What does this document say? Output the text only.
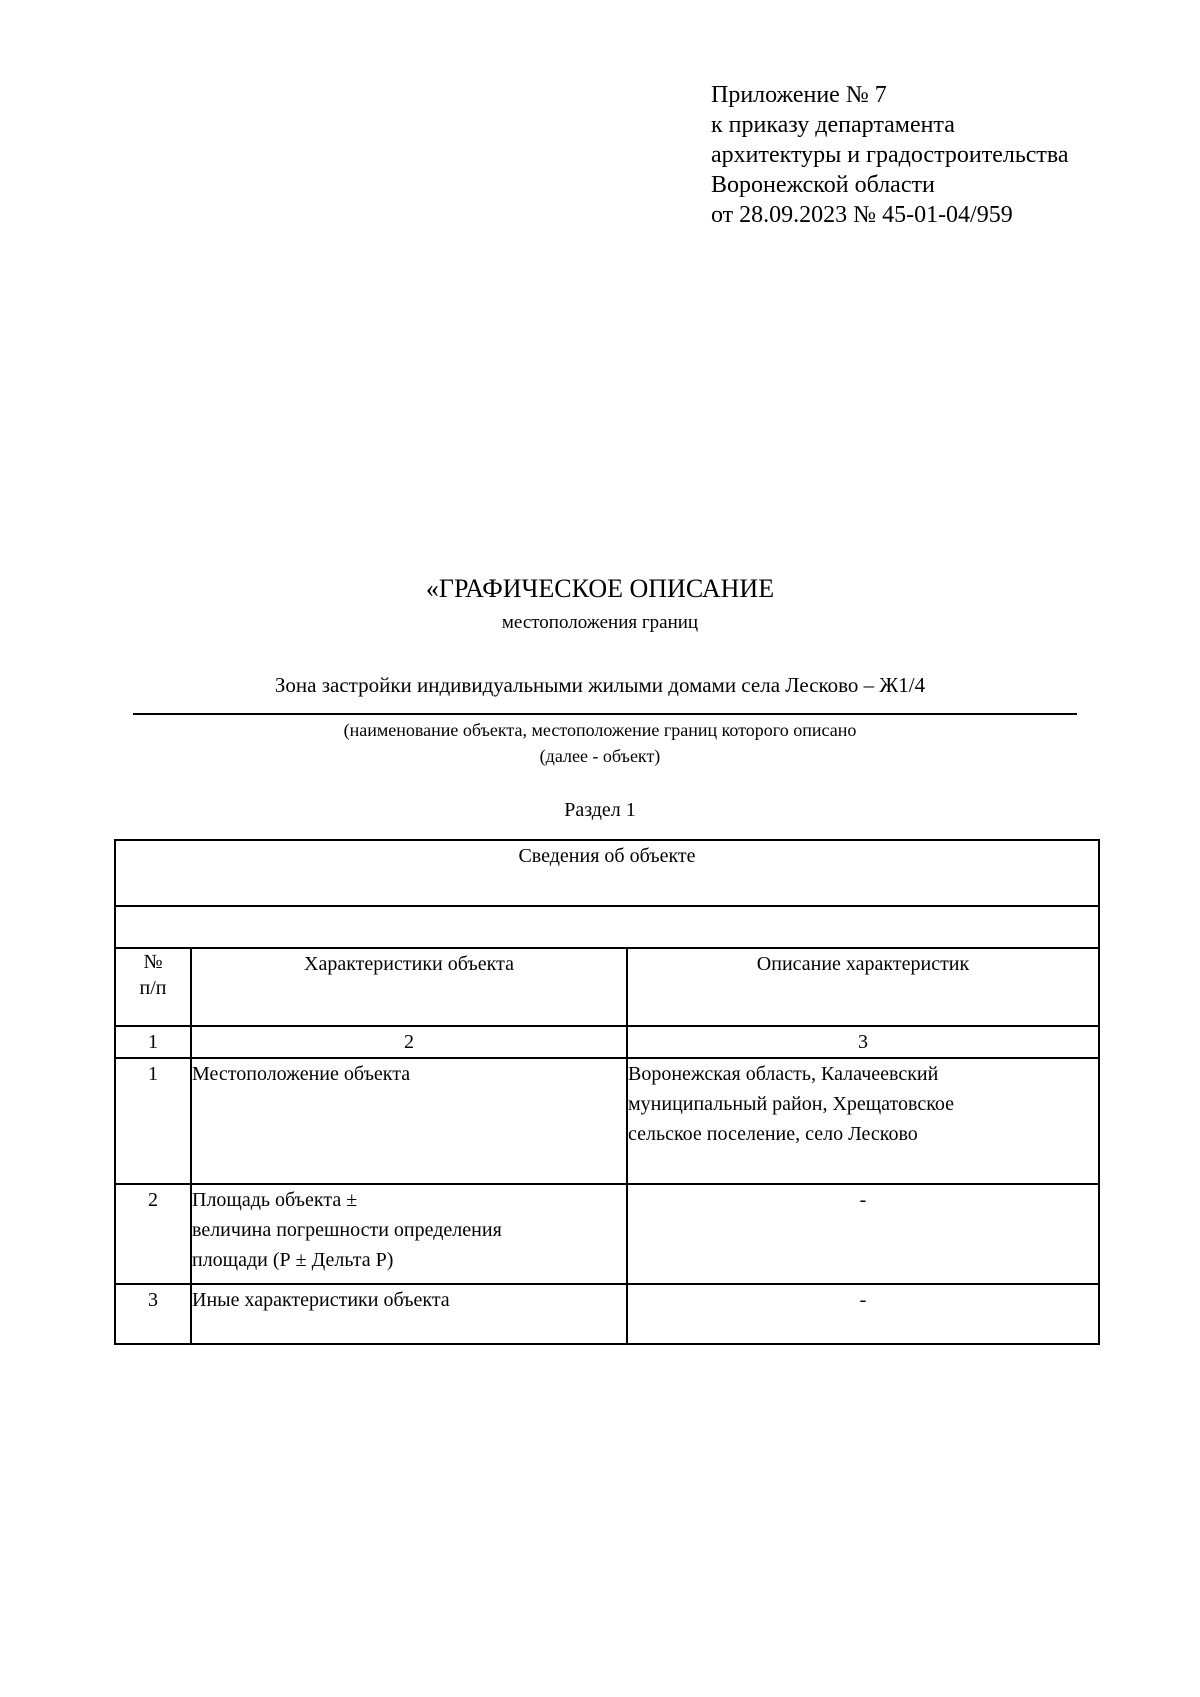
Приложение № 7
к приказу департамента
архитектуры и градостроительства
Воронежской области
от 28.09.2023 № 45-01-04/959
«ГРАФИЧЕСКОЕ ОПИСАНИЕ
местоположения границ
Зона застройки индивидуальными жилыми домами села Лесково – Ж1/4
(наименование объекта, местоположение границ которого описано
(далее - объект)
Раздел 1
Сведения об объекте		

№
п/п	Характеристики объекта	Описание характеристик
1	2	3
1	Местоположение объекта	Воронежская область, Калачеевский
муниципальный район, Хрещатовское
сельское поселение, село Лесково

2	Площадь объекта ±
величина погрешности определения
площади (Р ± Дельта Р)	-

3	Иные характеристики объекта	-
